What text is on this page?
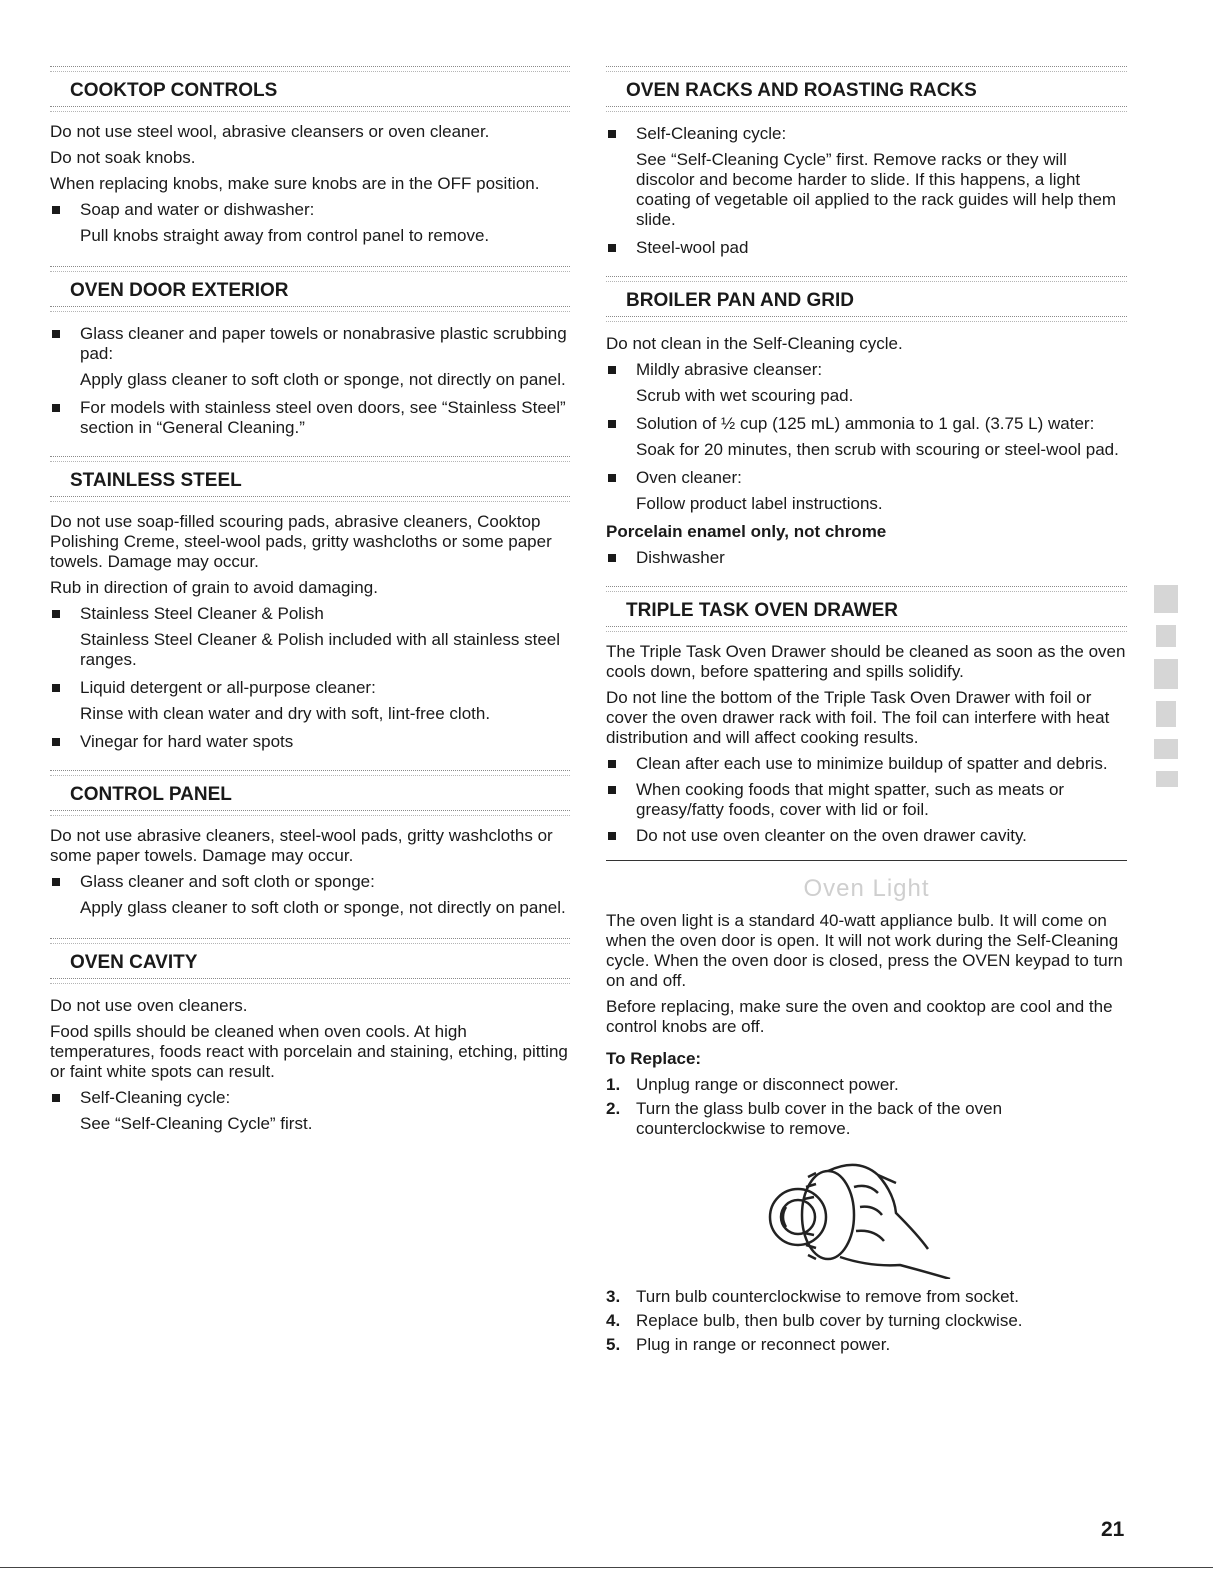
COOKTOP CONTROLS

Do not use steel wool, abrasive cleansers or oven cleaner.

Do not soak knobs.

When replacing knobs, make sure knobs are in the OFF position.

Soap and water or dishwasher:
Pull knobs straight away from control panel to remove.
OVEN DOOR EXTERIOR
Glass cleaner and paper towels or nonabrasive plastic scrubbing pad:
Apply glass cleaner to soft cloth or sponge, not directly on panel.
For models with stainless steel oven doors, see “Stainless Steel” section in “General Cleaning.”
STAINLESS STEEL

Do not use soap-filled scouring pads, abrasive cleaners, Cooktop Polishing Creme, steel-wool pads, gritty washcloths or some paper towels. Damage may occur.

Rub in direction of grain to avoid damaging.

Stainless Steel Cleaner & Polish
Stainless Steel Cleaner & Polish included with all stainless steel ranges.
Liquid detergent or all-purpose cleaner:
Rinse with clean water and dry with soft, lint-free cloth.
Vinegar for hard water spots
CONTROL PANEL

Do not use abrasive cleaners, steel-wool pads, gritty washcloths or some paper towels. Damage may occur.

Glass cleaner and soft cloth or sponge:
Apply glass cleaner to soft cloth or sponge, not directly on panel.
OVEN CAVITY

Do not use oven cleaners.

Food spills should be cleaned when oven cools. At high temperatures, foods react with porcelain and staining, etching, pitting or faint white spots can result.

Self-Cleaning cycle:
See “Self-Cleaning Cycle” first.
OVEN RACKS AND ROASTING RACKS
Self-Cleaning cycle:
See “Self-Cleaning Cycle” first. Remove racks or they will discolor and become harder to slide. If this happens, a light coating of vegetable oil applied to the rack guides will help them slide.
Steel-wool pad
BROILER PAN AND GRID

Do not clean in the Self-Cleaning cycle.

Mildly abrasive cleanser:
Scrub with wet scouring pad.
Solution of ½ cup (125 mL) ammonia to 1 gal. (3.75 L) water:
Soak for 20 minutes, then scrub with scouring or steel-wool pad.
Oven cleaner:
Follow product label instructions.
Porcelain enamel only, not chrome
Dishwasher
TRIPLE TASK OVEN DRAWER

The Triple Task Oven Drawer should be cleaned as soon as the oven cools down, before spattering and spills solidify.

Do not line the bottom of the Triple Task Oven Drawer with foil or cover the oven drawer rack with foil. The foil can interfere with heat distribution and will affect cooking results.

Clean after each use to minimize buildup of spatter and debris.
When cooking foods that might spatter, such as meats or greasy/fatty foods, cover with lid or foil.
Do not use oven cleanter on the oven drawer cavity.
Oven Light

The oven light is a standard 40-watt appliance bulb. It will come on when the oven door is open. It will not work during the Self-Cleaning cycle. When the oven door is closed, press the OVEN keypad to turn on and off.

Before replacing, make sure the oven and cooktop are cool and the control knobs are off.

To Replace:
1. Unplug range or disconnect power.
2. Turn the glass bulb cover in the back of the oven counterclockwise to remove.
3. Turn bulb counterclockwise to remove from socket.
4. Replace bulb, then bulb cover by turning clockwise.
5. Plug in range or reconnect power.
21
